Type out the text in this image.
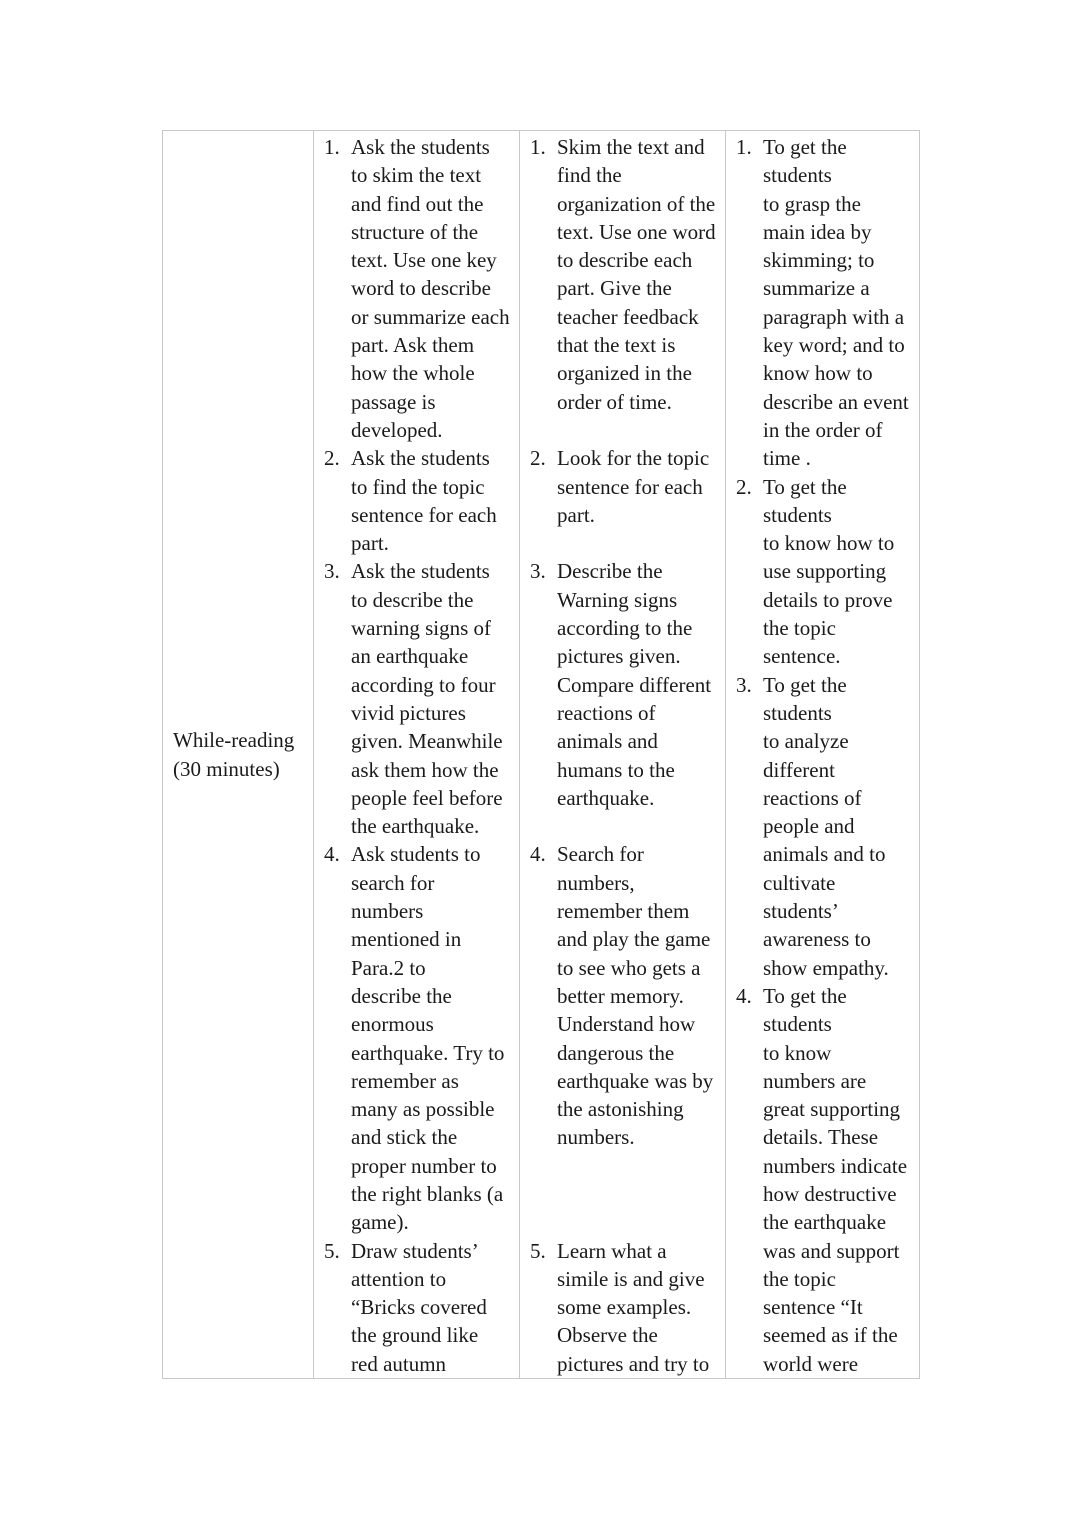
While-reading
(30 minutes)

1. Ask the students
to skim the text
and find out the
structure of the
text. Use one key
word to describe
or summarize each
part. Ask them
how the whole
passage is
developed.
2. Ask the students
to find the topic
sentence for each
part.
3. Ask the students
to describe the
warning signs of
an earthquake
according to four
vivid pictures
given. Meanwhile
ask them how the
people feel before
the earthquake.
4. Ask students to
search for
numbers
mentioned in
Para.2 to
describe the
enormous
earthquake. Try to
remember as
many as possible
and stick the
proper number to
the right blanks (a
game).
5. Draw students’
attention to
“Bricks covered
the ground like
red autumn

1. Skim the text and
find the
organization of the
text. Use one word
to describe each
part. Give the
teacher feedback
that the text is
organized in the
order of time.
2. Look for the topic
sentence for each
part.
3. Describe the
Warning signs
according to the
pictures given.
Compare different
reactions of
animals and
humans to the
earthquake.
4. Search for
numbers,
remember them
and play the game
to see who gets a
better memory.
Understand how
dangerous the
earthquake was by
the astonishing
numbers.
5. Learn what a
simile is and give
some examples.
Observe the
pictures and try to

1. To get the
students
to grasp the
main idea by
skimming; to
summarize a
paragraph with a
key word; and to
know how to
describe an event
in the order of
time .
2. To get the
students
to know how to
use supporting
details to prove
the topic
sentence.
3. To get the
students
to analyze
different
reactions of
people and
animals and to
cultivate
students’
awareness to
show empathy.
4. To get the
students
to know
numbers are
great supporting
details. These
numbers indicate
how destructive
the earthquake
was and support
the topic
sentence “It
seemed as if the
world were
